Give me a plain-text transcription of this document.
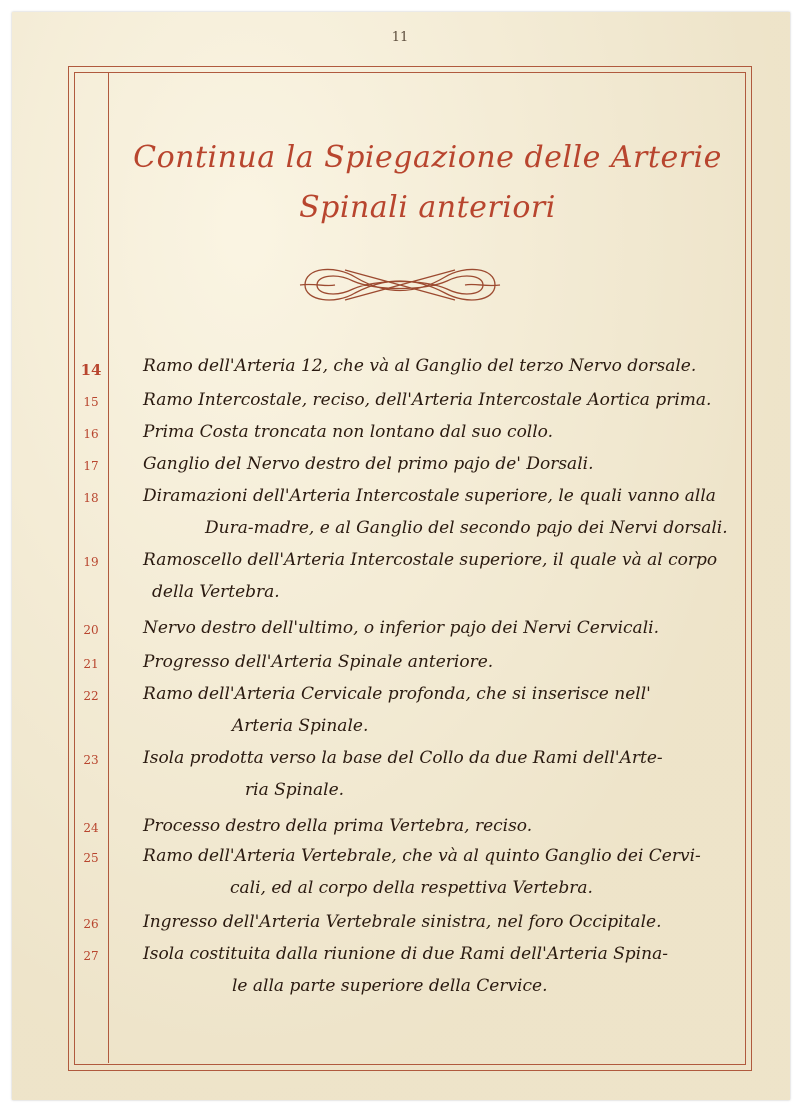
11
Continua la Spiegazione delle Arterie
Spinali anteriori
14 Ramo dell'Arteria 12, che và al Ganglio del terzo Nervo dorsale.
15	Ramo Intercostale, reciso, dell'Arteria Intercostale Aortica prima.
16	Prima Costa troncata non lontano dal suo collo.
17	Ganglio del Nervo destro del primo pajo de' Dorsali.
18	Diramazioni dell'Arteria Intercostale superiore, le quali vanno alla
Dura-madre, e al Ganglio del secondo pajo dei Nervi dorsali.
19	Ramoscello dell'Arteria Intercostale superiore, il quale và al corpo
della Vertebra.
20	Nervo destro dell'ultimo, o inferior pajo dei Nervi Cervicali.
21	Progresso dell'Arteria Spinale anteriore.
22	Ramo dell'Arteria Cervicale profonda, che si inserisce nell'
Arteria Spinale.
23	Isola prodotta verso la base del Collo da due Rami dell'Arte-
ria Spinale.
24	Processo destro della prima Vertebra, reciso.
25	Ramo dell'Arteria Vertebrale, che và al quinto Ganglio dei Cervi-
cali, ed al corpo della respettiva Vertebra.
26	Ingresso dell'Arteria Vertebrale sinistra, nel foro Occipitale.
27	Isola costituita dalla riunione di due Rami dell'Arteria Spina-
le alla parte superiore della Cervice.
